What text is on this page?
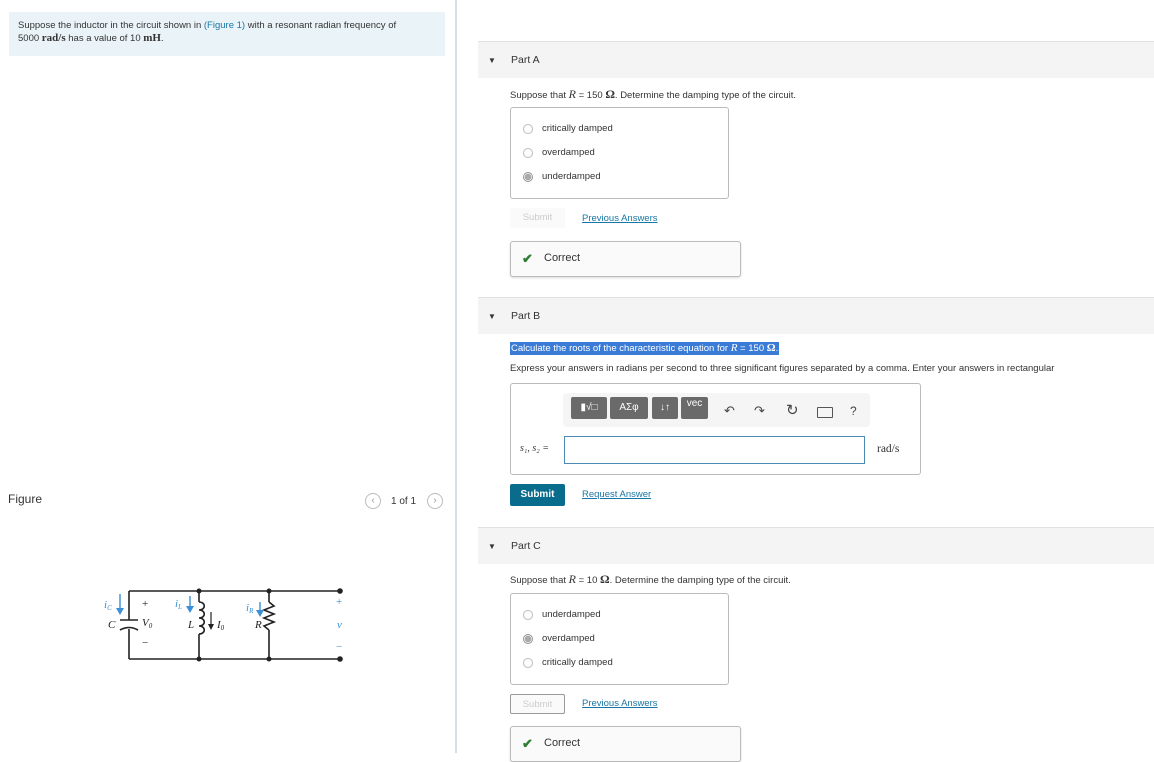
Suppose the inductor in the circuit shown in (Figure 1) with a resonant radian frequency of
5000 rad/s has a value of 10 mH.
Figure	‹	1 of 1	›
iC
C
+
V0
−
iL
L I0
iR
R
+
v
−
▼ Part A
Suppose that R = 150 Ω. Determine the damping type of the circuit.
critically damped
overdamped
underdamped
Submit	Previous Answers
✔ Correct
▼ Part B
Calculate the roots of the characteristic equation for R = 150 Ω.
Express your answers in radians per second to three significant figures separated by a comma. Enter your answers in rectangular
▮√□	ΑΣφ	↓↑	vec	↶ ↷ ↻	?
s₁, s₂ =	rad/s
Submit	Request Answer
▼ Part C
Suppose that R = 10 Ω. Determine the damping type of the circuit.
underdamped
overdamped
critically damped
Submit	Previous Answers
✔ Correct
